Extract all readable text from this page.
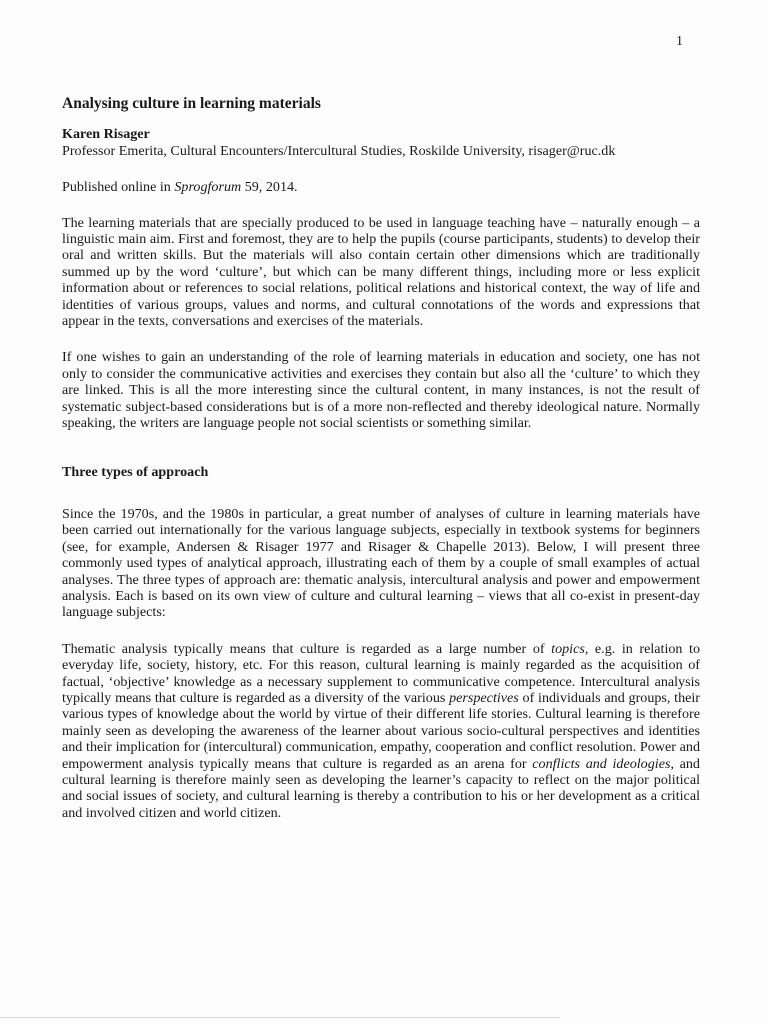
1
Analysing culture in learning materials

Karen Risager

Professor Emerita, Cultural Encounters/Intercultural Studies, Roskilde University, risager@ruc.dk

Published online in Sprogforum 59, 2014.

The learning materials that are specially produced to be used in language teaching have – naturally enough – a linguistic main aim. First and foremost, they are to help the pupils (course participants, students) to develop their oral and written skills. But the materials will also contain certain other dimensions which are traditionally summed up by the word ‘culture’, but which can be many different things, including more or less explicit information about or references to social relations, political relations and historical context, the way of life and identities of various groups, values and norms, and cultural connotations of the words and expressions that appear in the texts, conversations and exercises of the materials.

If one wishes to gain an understanding of the role of learning materials in education and society, one has not only to consider the communicative activities and exercises they contain but also all the ‘culture’ to which they are linked. This is all the more interesting since the cultural content, in many instances, is not the result of systematic subject-based considerations but is of a more non-reflected and thereby ideological nature. Normally speaking, the writers are language people not social scientists or something similar.

Three types of approach

Since the 1970s, and the 1980s in particular, a great number of analyses of culture in learning materials have been carried out internationally for the various language subjects, especially in textbook systems for beginners (see, for example, Andersen & Risager 1977 and Risager & Chapelle 2013). Below, I will present three commonly used types of analytical approach, illustrating each of them by a couple of small examples of actual analyses. The three types of approach are: thematic analysis, intercultural analysis and power and empowerment analysis. Each is based on its own view of culture and cultural learning – views that all co-exist in present-day language subjects:

Thematic analysis typically means that culture is regarded as a large number of topics, e.g. in relation to everyday life, society, history, etc. For this reason, cultural learning is mainly regarded as the acquisition of factual, ‘objective’ knowledge as a necessary supplement to communicative competence. Intercultural analysis typically means that culture is regarded as a diversity of the various perspectives of individuals and groups, their various types of knowledge about the world by virtue of their different life stories. Cultural learning is therefore mainly seen as developing the awareness of the learner about various socio-cultural perspectives and identities and their implication for (intercultural) communication, empathy, cooperation and conflict resolution. Power and empowerment analysis typically means that culture is regarded as an arena for conflicts and ideologies, and cultural learning is therefore mainly seen as developing the learner’s capacity to reflect on the major political and social issues of society, and cultural learning is thereby a contribution to his or her development as a critical and involved citizen and world citizen.
